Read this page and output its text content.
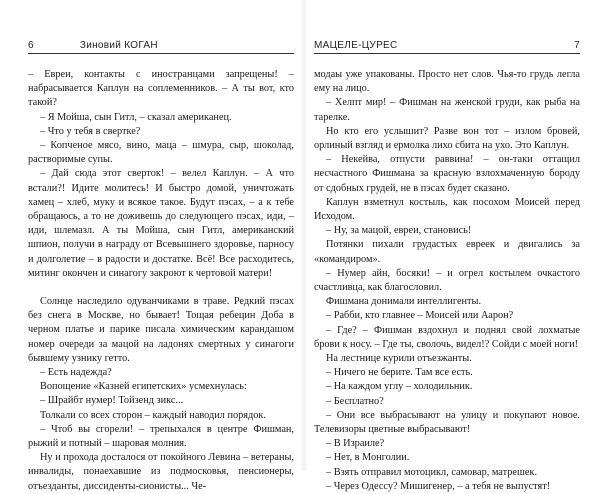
6	Зиновий КОГАН

– Евреи, контакты с иностранцами запрещены! – набрасывается Каплун на соплеменников. – А ты вот, кто такой?

– Я Мойша, сын Гитл, – сказал американец.

– Что у тебя в свертке?

– Копченое мясо, вино, маца – шмура, сыр, шоколад, растворимые супы.

– Дай сюда этот сверток! – велел Каплун. – А что встали?! Идите молитесь! И быстро домой, уничтожать хамец – хлеб, муку и всякое такое. Будут пэсах, – а к тебе обращаюсь, а то не доживешь до следующего пэсах, иди, – иди, шлемазл. А ты Мойша, сын Гитл, американский шпион, получи в награду от Всевышнего здоровье, парносу и долголетие – в радости и достатке. Всё! Все расходитесь, митинг окончен и синагогу закроют к чертовой матери!

Солнце наследило одуванчиками в траве. Редкий пэсах без снега в Москве, но бывает! Тощая ребецин Доба в черном платье и парике писала химическим карандашом номер очереди за мацой на ладонях смертных у синагоги бывшему узнику гетто.

– Есть надежда?

Вопощение «Казней египетских» усмехнулась:

– Шрайбт нумер! Тойзенд зикс...

Толкали со всех сторон – каждый наводил порядок.

– Чтоб вы сгорели! – трепыхался в центре Фишман, рыжий и потный – шаровая молния.

Ну и прохода досталося от покойного Левина – ветераны, инвалиды, понаехавшие из подмосковья, пенсионеры, отъезданты, диссиденты-сионисты... Че-

МАЦЕЛЕ-ЦУРЕС	7

модаы уже упакованы. Просто нет слов. Чья-то грудь легла ему на лицо.

– Хелпт мир! – Фишман на женской груди, как рыба на тарелке.

Но кто его услышит? Разве вон тот – излом бровей, орлиный взгляд и ермолка лихо сбита на ухо. Это Каплун.

– Некейва, отпусти раввина! – он-таки оттащил несчастного Фишмана за красную взлохмаченную бороду от сдобных грудей, не в пэсах будет сказано.

Каплун взметнул костыль, как посохом Моисей перед Исходом.

– Ну, за мацой, евреи, становись!

Потянки пихали грудастых евреек и двигались за «командиром».

– Нумер айн, босяки! – и огрел костылем очкастого счастливца, как благословил.

Фишмана донимали интеллигенты.

– Рабби, кто главнее – Моисей или Аарон?

– Где? – Фишман вздохнул и поднял свой лохматые брови к носу. – Где ты, сволочь, видел!? Сойди с моей ноги!

На лестнице курили отъезжанты.

– Ничего не берите. Там все есть.

– На каждом углу – холодильник.

– Бесплатно?

– Они все выбрасывают на улицу и покупают новое. Телевизоры цветные выбрасывают!

– В Израиле?

– Нет, в Монголии.

– Взять отправил мотоцикл, самовар, матрешек.

– Через Одессу? Мишигенер, – а тебя не выпустят!
